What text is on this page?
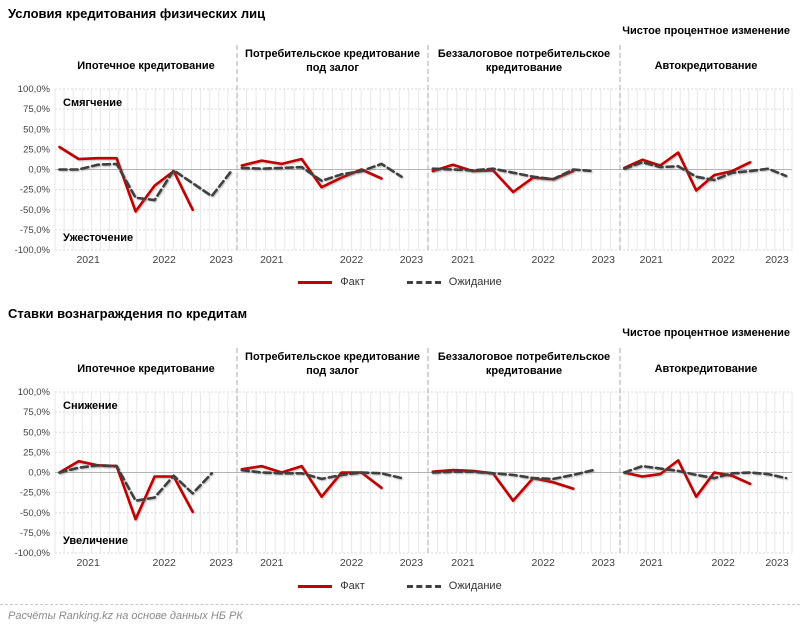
Условия кредитования физических лиц
Чистое процентное изменение
100,0%
75,0%
50,0%
25,0%
0,0%
-25,0%
-50,0%
-75,0%
-100,0%
Ипотечное кредитование
2021	2022	2023
Смягчение
Ужесточение
Потребительское кредитование
под залог
2021	2022	2023
Беззалоговое потребительское
кредитование
2021	2022	2023
Автокредитование
2021	2022	2023
Факт	Ожидание
Ставки вознаграждения по кредитам
Чистое процентное изменение
100,0%
75,0%
50,0%
25,0%
0,0%
-25,0%
-50,0%
-75,0%
-100,0%
Ипотечное кредитование
2021	2022	2023
Снижение
Увеличение
Потребительское кредитование
под залог
2021	2022	2023
Беззалоговое потребительское
кредитование
2021	2022	2023
Автокредитование
2021	2022	2023
Факт	Ожидание
Расчёты Ranking.kz на основе данных НБ РК
